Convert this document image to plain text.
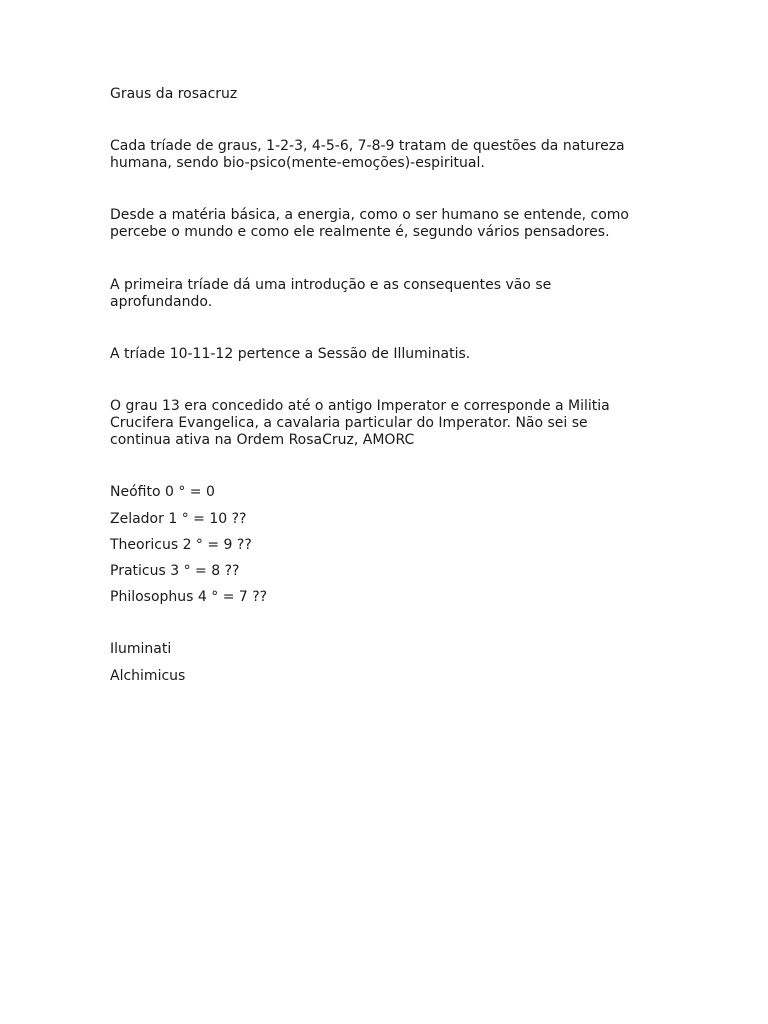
Graus da rosacruz

Cada tríade de graus, 1-2-3, 4-5-6, 7-8-9 tratam de questões da natureza
humana, sendo bio-psico(mente-emoções)-espiritual.

Desde a matéria básica, a energia, como o ser humano se entende, como
percebe o mundo e como ele realmente é, segundo vários pensadores.

A primeira tríade dá uma introdução e as consequentes vão se
aprofundando.

A tríade 10-11-12 pertence a Sessão de Illuminatis.

O grau 13 era concedido até o antigo Imperator e corresponde a Militia
Crucifera Evangelica, a cavalaria particular do Imperator. Não sei se
continua ativa na Ordem RosaCruz, AMORC

Neófito 0 ° = 0

Zelador 1 ° = 10 ??

Theoricus 2 ° = 9 ??

Praticus 3 ° = 8 ??

Philosophus 4 ° = 7 ??

Iluminati

Alchimicus
